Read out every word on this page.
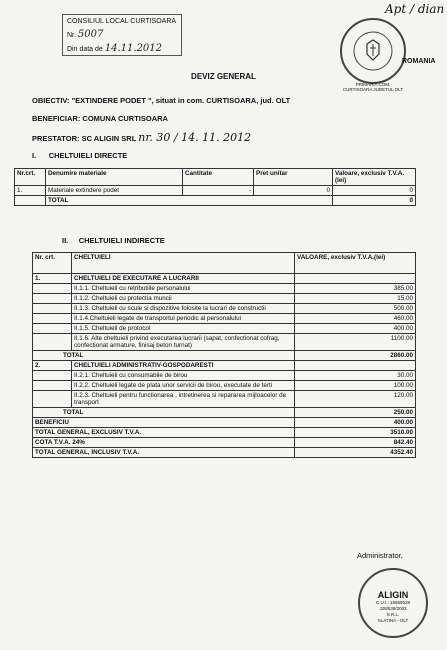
CONSILIUL LOCAL CURTISOARA
Nr. 5007
Din data de 14.11.2012
Apt / dian
ROMANIA
PRIMARIA COM. CURTISOARA JUDETUL OLT
DEVIZ GENERAL
OBIECTIV: "EXTINDERE PODET ", situat in com. CURTISOARA, jud. OLT
BENEFICIAR: COMUNA CURTISOARA
PRESTATOR: SC ALIGIN SRL nr. 30 / 14. 11. 2012
I. CHELTUIELI DIRECTE
Nr.crt.	Denumire materiale	Cantitate	Pret unitar	Valoare, exclusiv T.V.A. (lei)
1.	Materiale extindere podet	-	0	0
	TOTAL			0
II. CHELTUIELI INDIRECTE
Nr. crt.	CHELTUIELI	VALOARE, exclusiv T.V.A.(lei)
1.	CHELTUIELI DE EXECUTARE A LUCRARII	
	II.1.1. Cheltuieli cu retributiile personalului	385.00
	II.1.2. Cheltuieli cu protectia muncii	15.00
	II.1.3. Cheltuieli cu scule si dispozitive folosite la lucrari de constructii	500.00
	II.1.4.Cheltuieli legate de transportul periodic al personalului	460.00
	II.1.5. Cheltuieli de protocol	400.00
	II.1.6. Alte cheltuieli privind executarea lucrarii (sapat, confectionat cofrag, confectionat armature, finisaj beton turnat)	1100.00
TOTAL		2860.00
2.	CHELTUIELI ADMINISTRATIV-GOSPODARESTI	
	II.2.1. Cheltuieli cu consumabile de birou	30.00
	II.2.2. Cheltuieli legate de plata unor servicii de birou, executate de terti	100.00
	II.2.3. Cheltuieli pentru functionarea , intretinerea si repararea mijloacelor de transport	120.00
TOTAL		250.00
BENEFICIU		400.00
TOTAL GENERAL, EXCLUSIV T.V.A.		3510.00
COTA T.V.A. 24%		842.40
TOTAL GENERAL, INCLUSIV T.V.A.		4352.40
Administrator,
ALIGIN
C.U.I.: 15659528
J28/539/2003
S.R.L.
SLATINA - OLT
